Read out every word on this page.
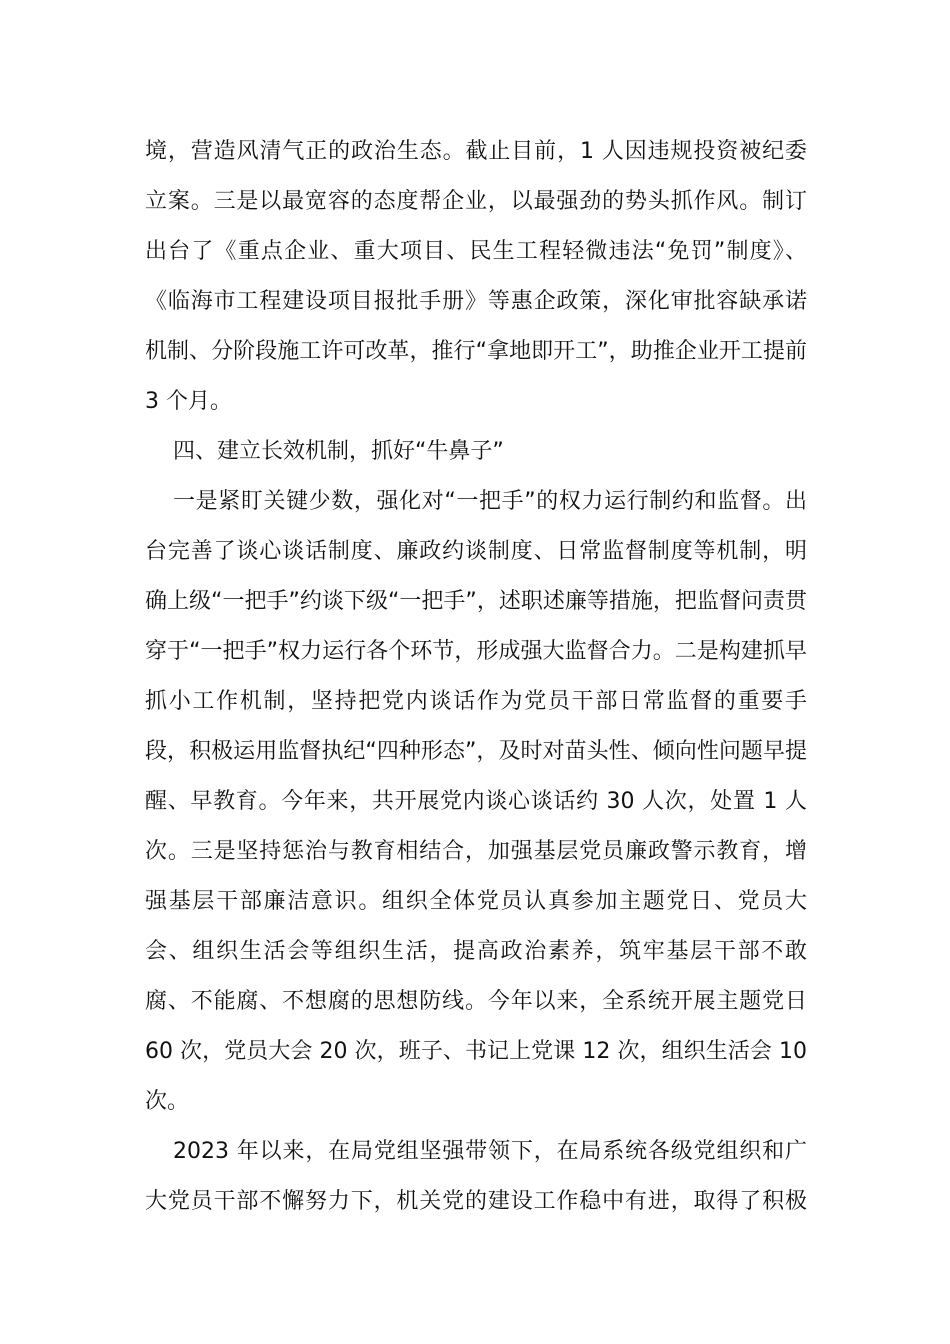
境，营造风清气正的政治生态。截止目前，1 人因违规投资被纪委
立案。三是以最宽容的态度帮企业，以最强劲的势头抓作风。制订
出台了《重点企业、重大项目、民生工程轻微违法“免罚”制度》、
《临海市工程建设项目报批手册》等惠企政策，深化审批容缺承诺
机制、分阶段施工许可改革，推行“拿地即开工”，助推企业开工提前
3 个月。
四、建立长效机制，抓好“牛鼻子”
一是紧盯关键少数，强化对“一把手”的权力运行制约和监督。出
台完善了谈心谈话制度、廉政约谈制度、日常监督制度等机制，明
确上级“一把手”约谈下级“一把手”，述职述廉等措施，把监督问责贯
穿于“一把手”权力运行各个环节，形成强大监督合力。二是构建抓早
抓小工作机制，坚持把党内谈话作为党员干部日常监督的重要手
段，积极运用监督执纪“四种形态”，及时对苗头性、倾向性问题早提
醒、早教育。今年来，共开展党内谈心谈话约 30 人次，处置 1 人
次。三是坚持惩治与教育相结合，加强基层党员廉政警示教育，增
强基层干部廉洁意识。组织全体党员认真参加主题党日、党员大
会、组织生活会等组织生活，提高政治素养，筑牢基层干部不敢
腐、不能腐、不想腐的思想防线。今年以来，全系统开展主题党日
60 次，党员大会 20 次，班子、书记上党课 12 次，组织生活会 10
次。
2023 年以来，在局党组坚强带领下，在局系统各级党组织和广
大党员干部不懈努力下，机关党的建设工作稳中有进，取得了积极
